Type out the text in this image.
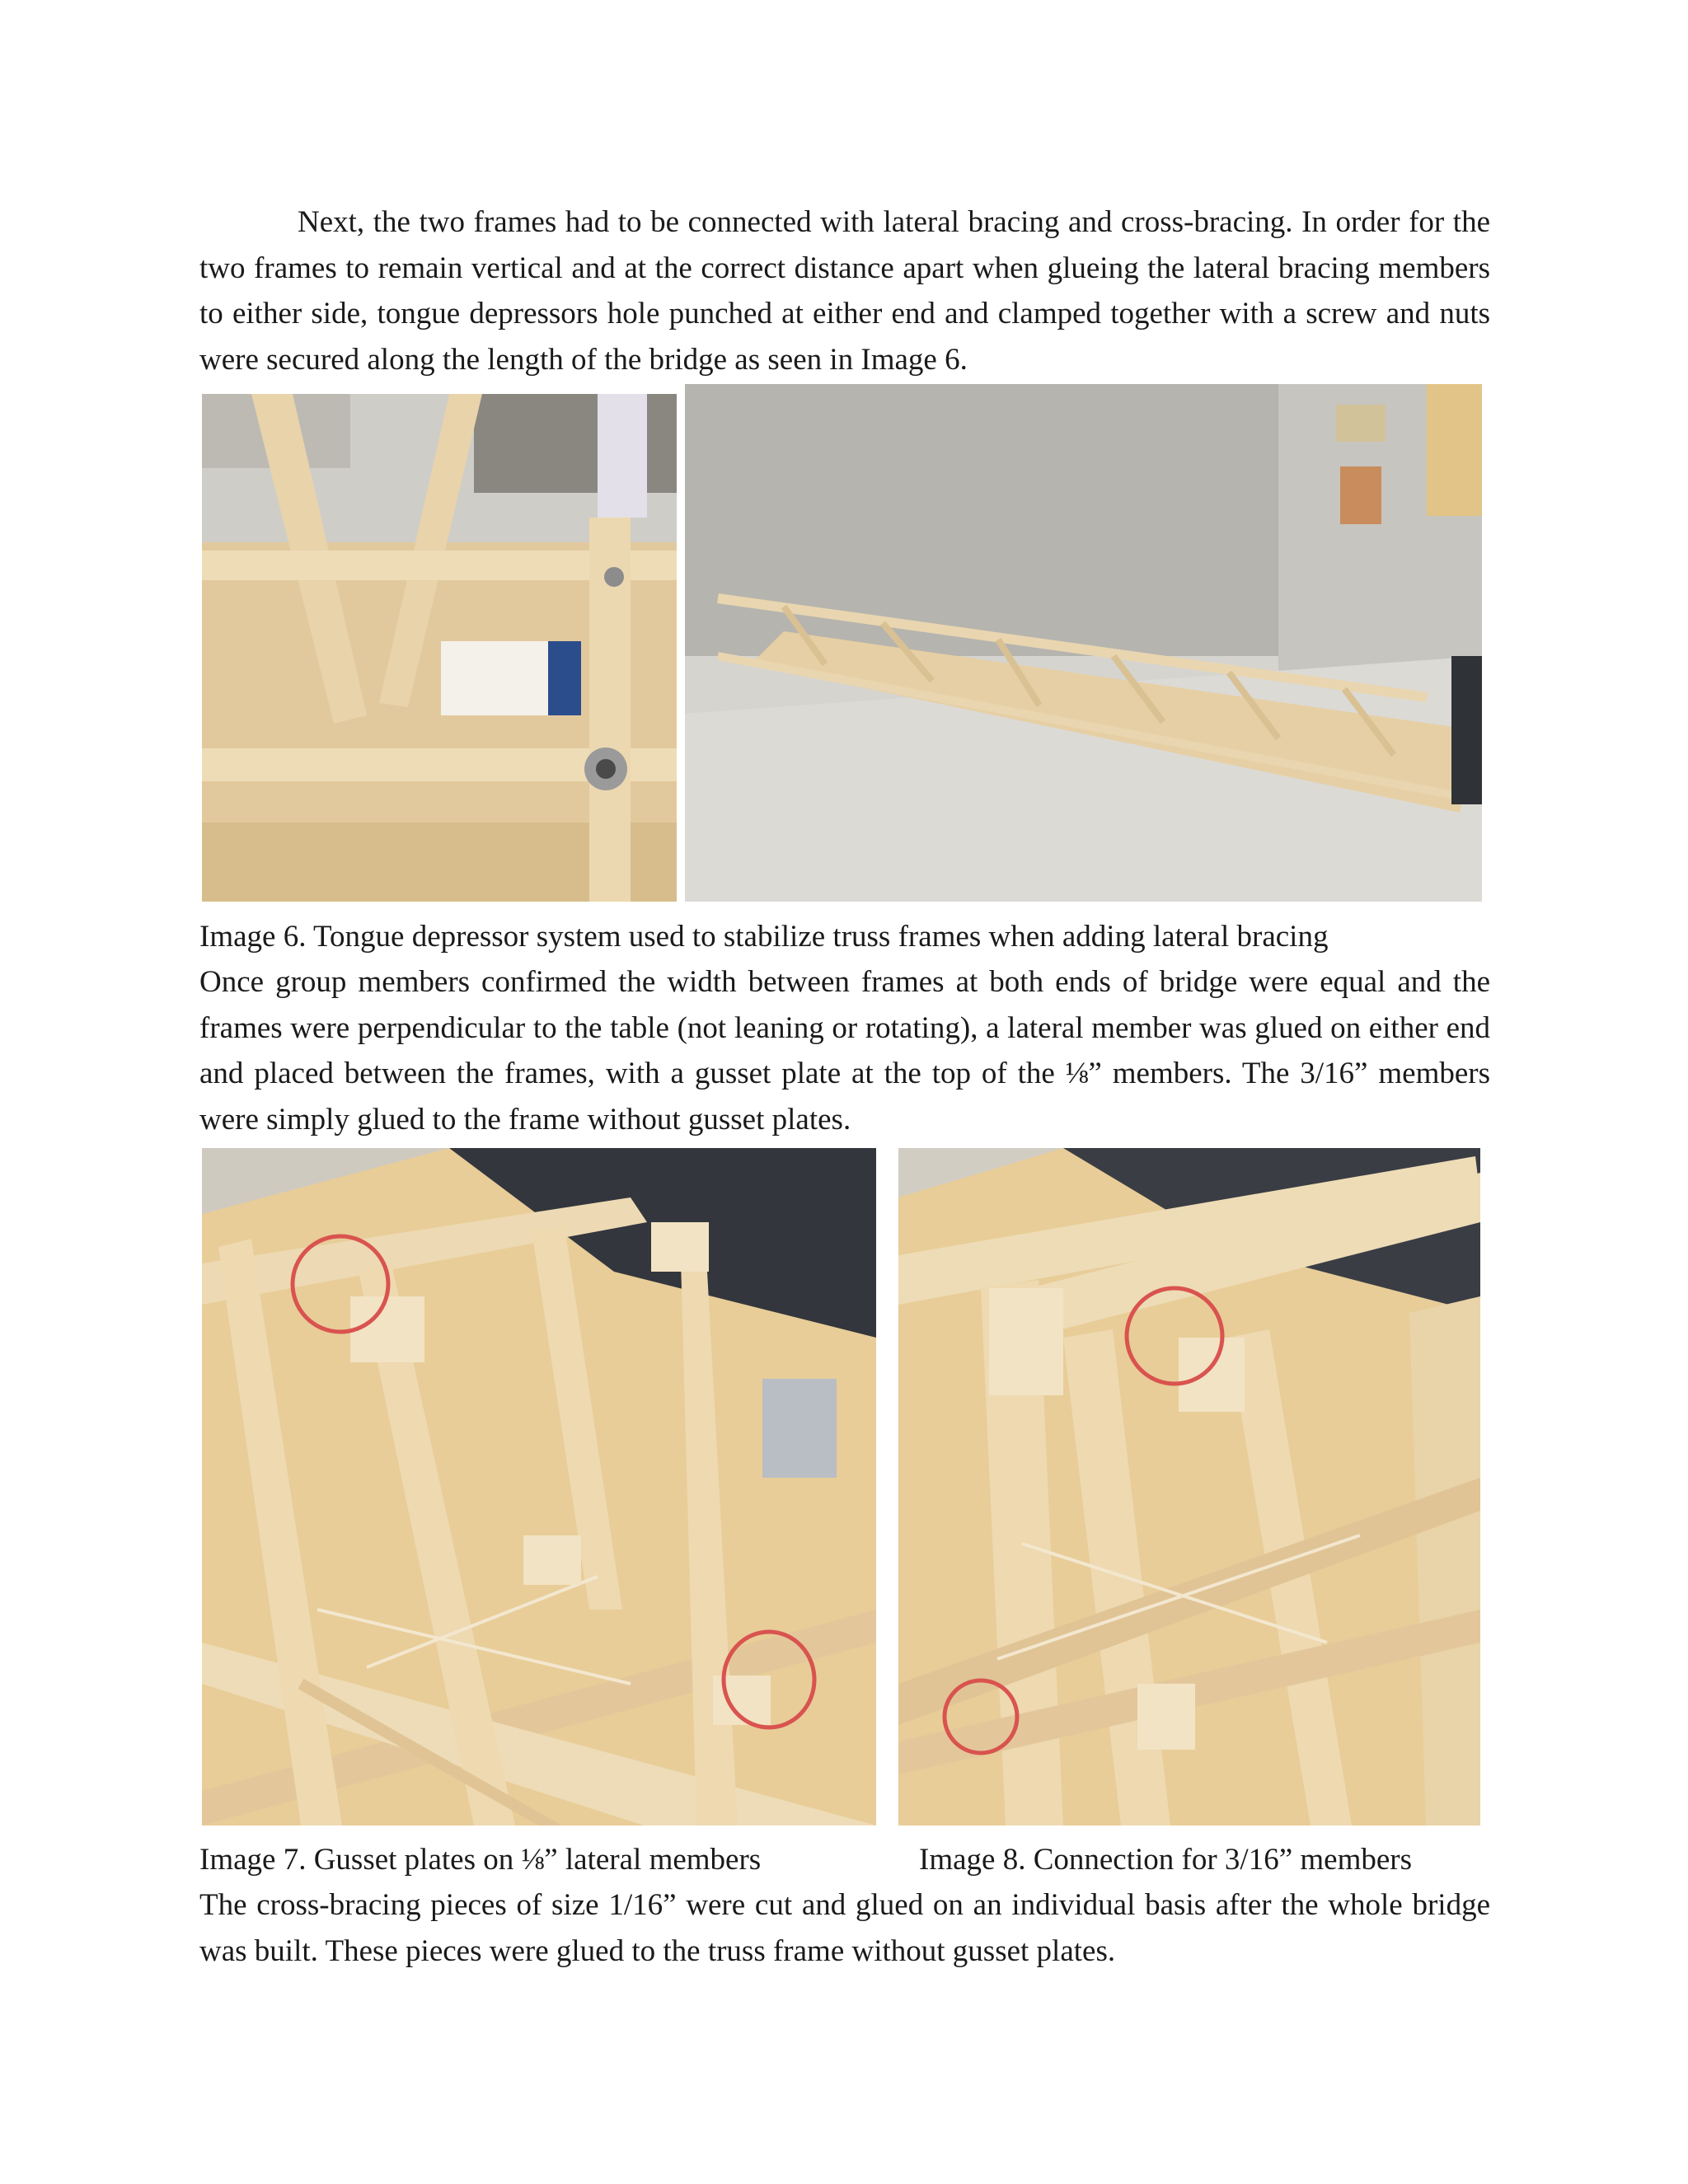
Next, the two frames had to be connected with lateral bracing and cross-bracing. In order for the two frames to remain vertical and at the correct distance apart when glueing the lateral bracing members to either side, tongue depressors hole punched at either end and clamped together with a screw and nuts were secured along the length of the bridge as seen in Image 6.

Image 6. Tongue depressor system used to stabilize truss frames when adding lateral bracing

Once group members confirmed the width between frames at both ends of bridge were equal and the frames were perpendicular to the table (not leaning or rotating), a lateral member was glued on either end and placed between the frames, with a gusset plate at the top of the ⅛” members. The 3/16” members were simply glued to the frame without gusset plates.

Image 7. Gusset plates on ⅛” lateral members	Image 8. Connection for 3/16” members

The cross-bracing pieces of size 1/16” were cut and glued on an individual basis after the whole bridge was built. These pieces were glued to the truss frame without gusset plates.
